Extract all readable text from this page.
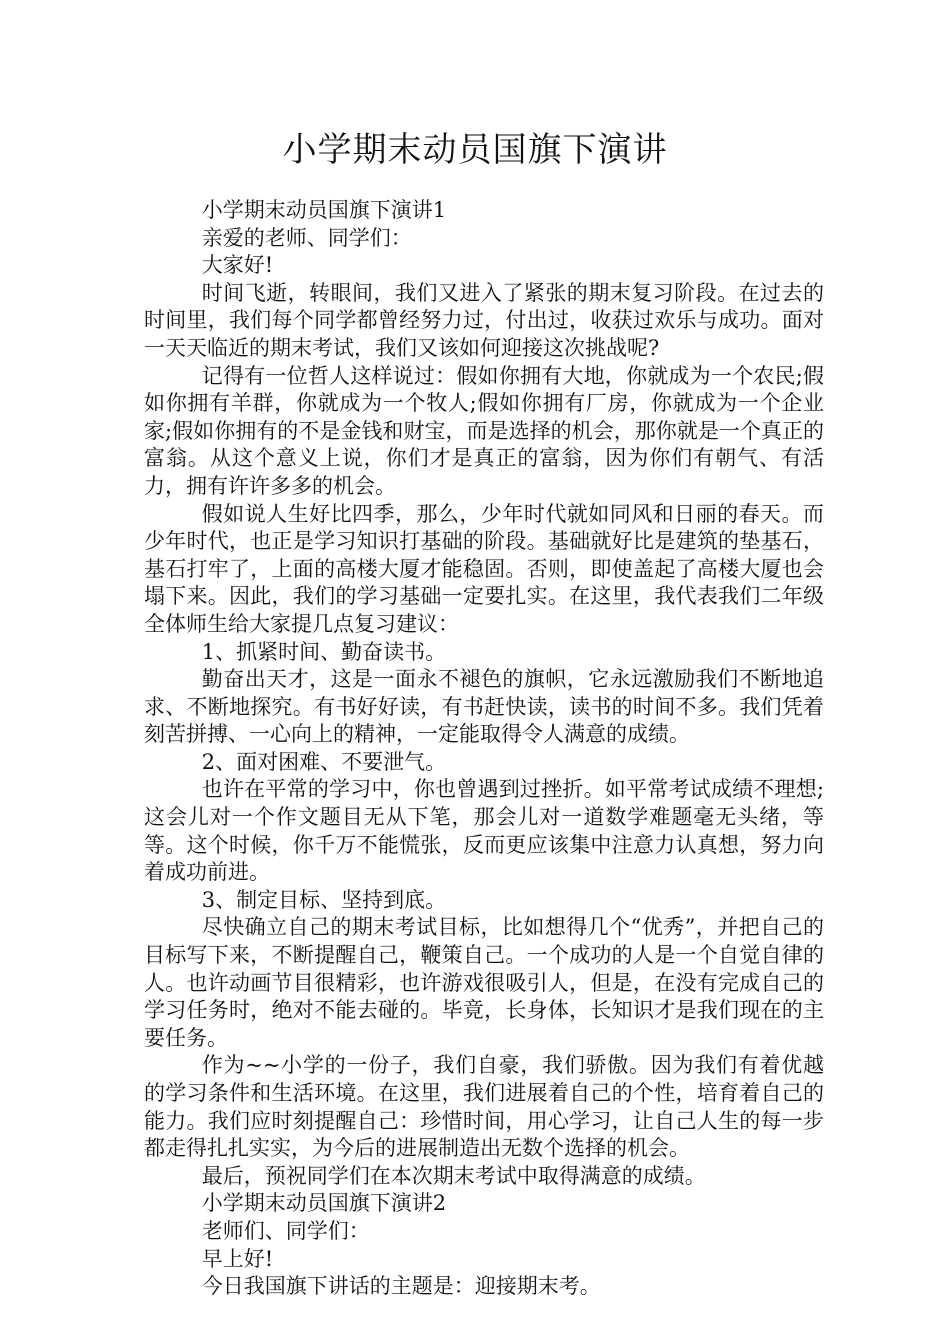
小学期末动员国旗下演讲

小学期末动员国旗下演讲1

亲爱的老师、同学们：

大家好!

时间飞逝，转眼间，我们又进入了紧张的期末复习阶段。在过去的时间里，我们每个同学都曾经努力过，付出过，收获过欢乐与成功。面对一天天临近的期末考试，我们又该如何迎接这次挑战呢?

记得有一位哲人这样说过：假如你拥有大地，你就成为一个农民;假如你拥有羊群，你就成为一个牧人;假如你拥有厂房，你就成为一个企业家;假如你拥有的不是金钱和财宝，而是选择的机会，那你就是一个真正的富翁。从这个意义上说，你们才是真正的富翁，因为你们有朝气、有活力，拥有许许多多的机会。

假如说人生好比四季，那么，少年时代就如同风和日丽的春天。而少年时代，也正是学习知识打基础的阶段。基础就好比是建筑的垫基石，基石打牢了，上面的高楼大厦才能稳固。否则，即使盖起了高楼大厦也会塌下来。因此，我们的学习基础一定要扎实。在这里，我代表我们二年级全体师生给大家提几点复习建议：

1、抓紧时间、勤奋读书。

勤奋出天才，这是一面永不褪色的旗帜，它永远激励我们不断地追求、不断地探究。有书好好读，有书赶快读，读书的时间不多。我们凭着刻苦拼搏、一心向上的精神，一定能取得令人满意的成绩。

2、面对困难、不要泄气。

也许在平常的学习中，你也曾遇到过挫折。如平常考试成绩不理想;这会儿对一个作文题目无从下笔，那会儿对一道数学难题毫无头绪，等等。这个时候，你千万不能慌张，反而更应该集中注意力认真想，努力向着成功前进。

3、制定目标、坚持到底。

尽快确立自己的期末考试目标，比如想得几个“优秀”，并把自己的目标写下来，不断提醒自己，鞭策自己。一个成功的人是一个自觉自律的人。也许动画节目很精彩，也许游戏很吸引人，但是，在没有完成自己的学习任务时，绝对不能去碰的。毕竟，长身体，长知识才是我们现在的主要任务。

作为~~小学的一份子，我们自豪，我们骄傲。因为我们有着优越的学习条件和生活环境。在这里，我们进展着自己的个性，培育着自己的能力。我们应时刻提醒自己：珍惜时间，用心学习，让自己人生的每一步都走得扎扎实实，为今后的进展制造出无数个选择的机会。

最后，预祝同学们在本次期末考试中取得满意的成绩。

小学期末动员国旗下演讲2

老师们、同学们：

早上好!

今日我国旗下讲话的主题是：迎接期末考。
